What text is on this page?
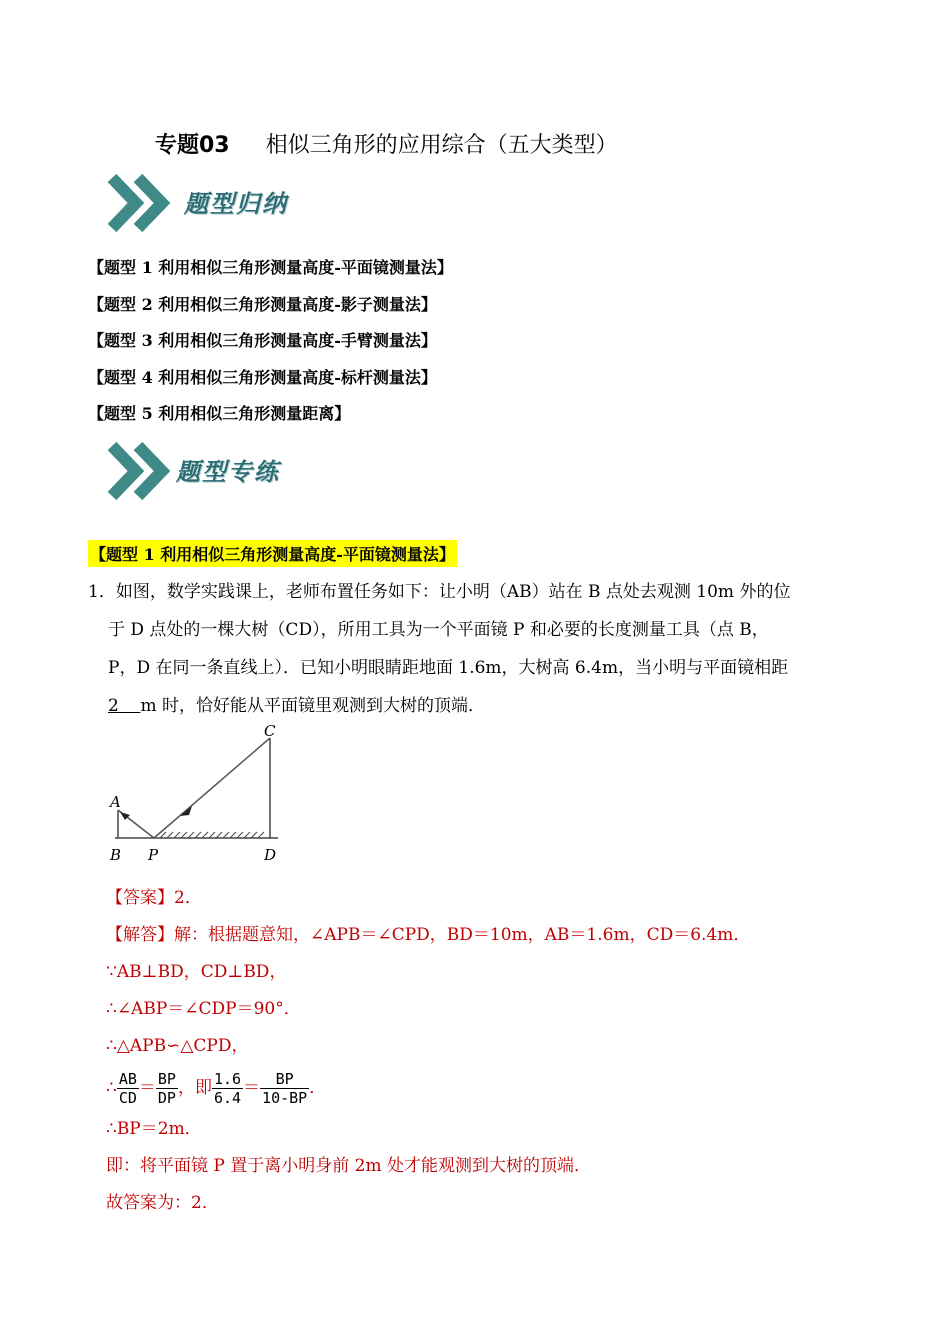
专题03 相似三角形的应用综合（五大类型）
题型归纳
【题型 1 利用相似三角形测量高度-平面镜测量法】
【题型 2 利用相似三角形测量高度-影子测量法】
【题型 3 利用相似三角形测量高度-手臂测量法】
【题型 4 利用相似三角形测量高度-标杆测量法】
【题型 5 利用相似三角形测量距离】
题型专练
【题型 1 利用相似三角形测量高度-平面镜测量法】

1．如图，数学实践课上，老师布置任务如下：让小明（AB）站在 B 点处去观测 10m 外的位

于 D 点处的一棵大树（CD），所用工具为一个平面镜 P 和必要的长度测量工具（点 B，

P，D 在同一条直线上）．已知小明眼睛距地面 1.6m，大树高 6.4m，当小明与平面镜相距

2 m 时，恰好能从平面镜里观测到大树的顶端．

A
B P
C
D
【答案】2．
【解答】解：根据题意知，∠APB＝∠CPD，BD＝10m，AB＝1.6m，CD＝6.4m．
∵AB⊥BD，CD⊥BD，
∴∠ABP＝∠CDP＝90°．
∴△APB∽△CPD，
∴ $\frac{AB}{CD} = \frac{BP}{DP}$ ，即 $\frac{1.6}{6.4} = \frac{BP}{10-BP}$ ．
∴BP＝2m．
即：将平面镜 P 置于离小明身前 2m 处才能观测到大树的顶端．
故答案为：2．
